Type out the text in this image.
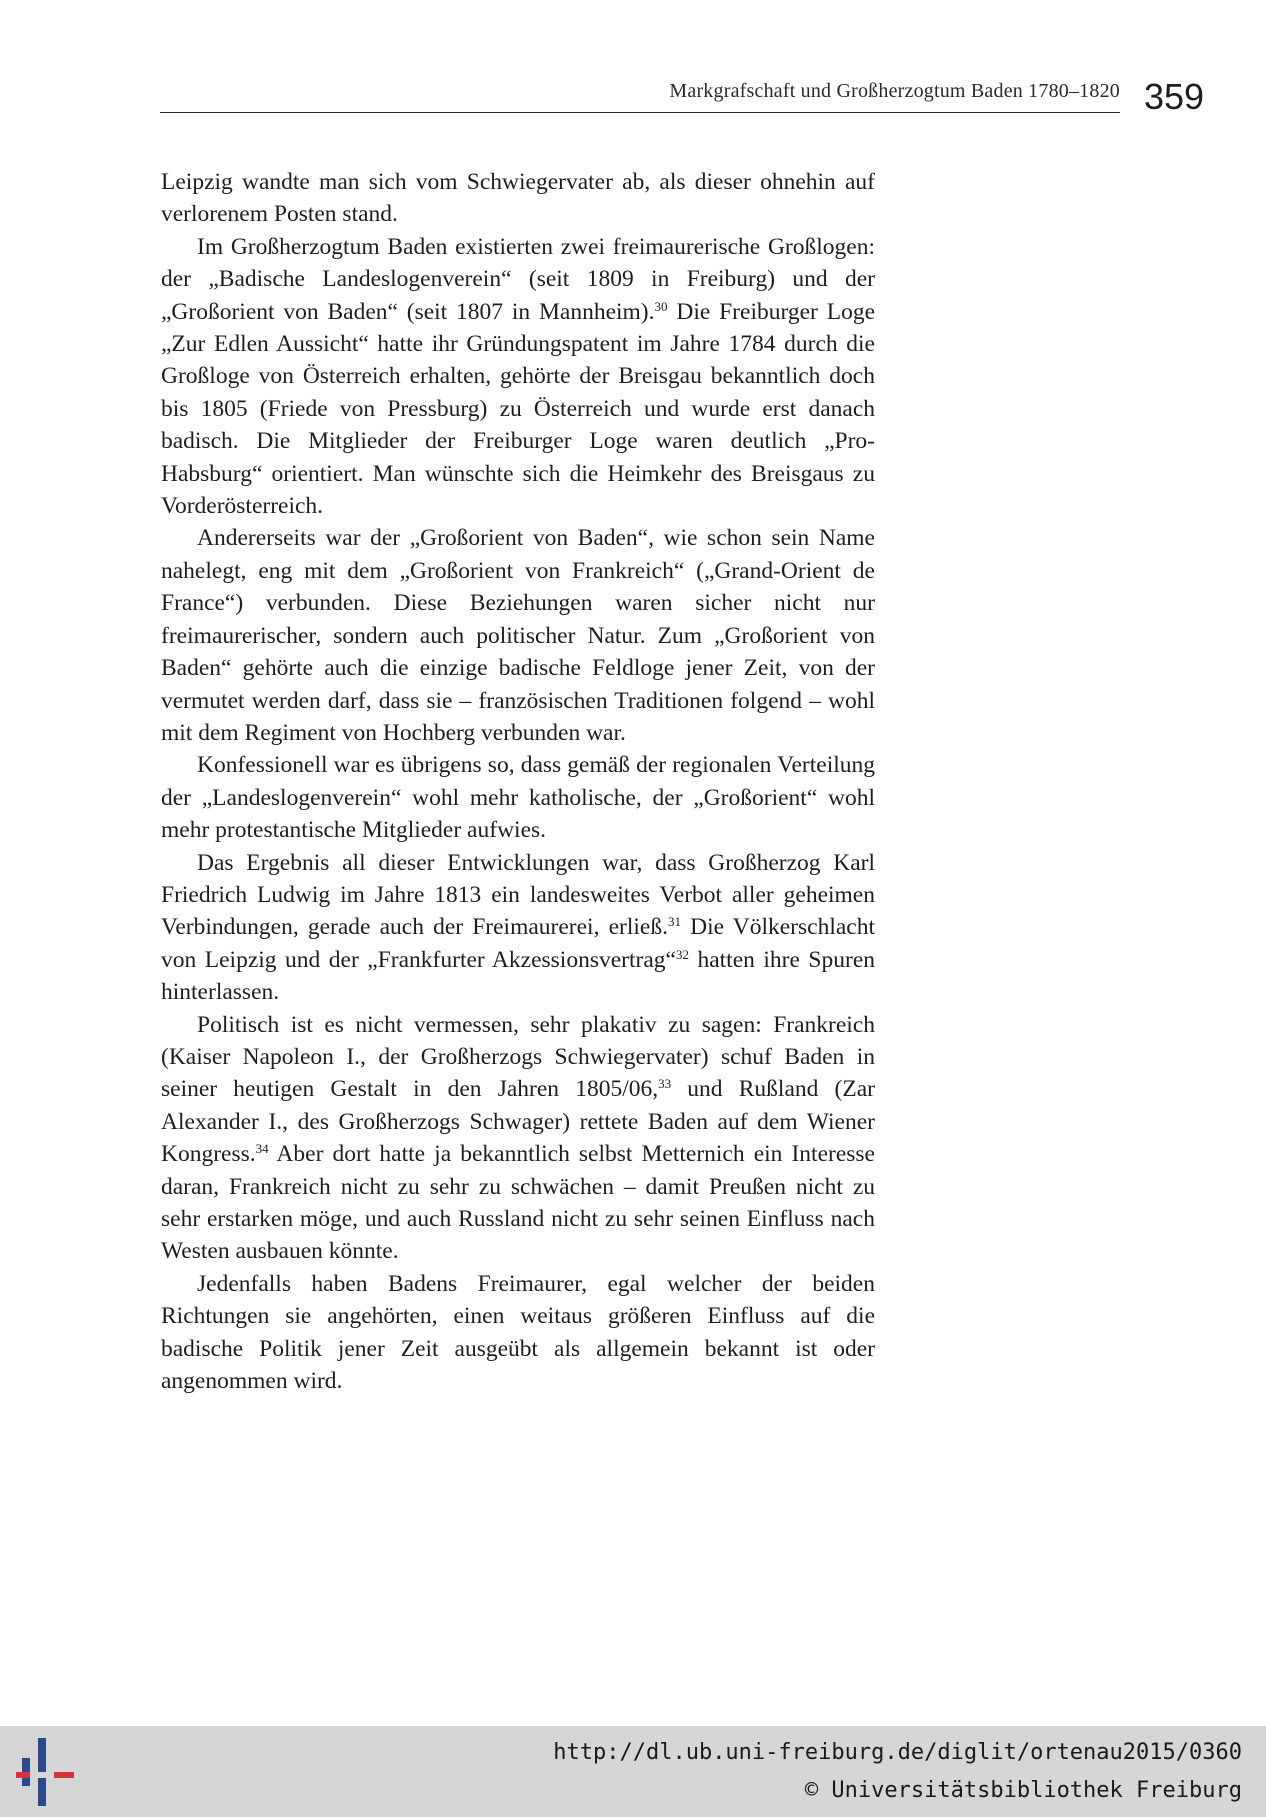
Markgrafschaft und Großherzogtum Baden 1780–1820 359

Leipzig wandte man sich vom Schwiegervater ab, als dieser ohnehin auf verlorenem Posten stand.

Im Großherzogtum Baden existierten zwei freimaurerische Großlogen: der „Badische Landeslogenverein“ (seit 1809 in Freiburg) und der „Großorient von Baden“ (seit 1807 in Mannheim).$^{30}$ Die Freiburger Loge „Zur Edlen Aussicht“ hatte ihr Gründungspatent im Jahre 1784 durch die Großloge von Österreich erhalten, gehörte der Breisgau bekanntlich doch bis 1805 (Friede von Pressburg) zu Österreich und wurde erst danach badisch. Die Mitglieder der Freiburger Loge waren deutlich „Pro-Habsburg“ orientiert. Man wünschte sich die Heimkehr des Breisgaus zu Vorderösterreich.

Andererseits war der „Großorient von Baden“, wie schon sein Name nahelegt, eng mit dem „Großorient von Frankreich“ („Grand-Orient de France“) verbunden. Diese Beziehungen waren sicher nicht nur freimaurerischer, sondern auch politischer Natur. Zum „Großorient von Baden“ gehörte auch die einzige badische Feldloge jener Zeit, von der vermutet werden darf, dass sie – französischen Traditionen folgend – wohl mit dem Regiment von Hochberg verbunden war.

Konfessionell war es übrigens so, dass gemäß der regionalen Verteilung der „Landeslogenverein“ wohl mehr katholische, der „Großorient“ wohl mehr protestantische Mitglieder aufwies.

Das Ergebnis all dieser Entwicklungen war, dass Großherzog Karl Friedrich Ludwig im Jahre 1813 ein landesweites Verbot aller geheimen Verbindungen, gerade auch der Freimaurerei, erließ.$^{31}$ Die Völkerschlacht von Leipzig und der „Frankfurter Akzessionsvertrag“$^{32}$ hatten ihre Spuren hinterlassen.

Politisch ist es nicht vermessen, sehr plakativ zu sagen: Frankreich (Kaiser Napoleon I., der Großherzogs Schwiegervater) schuf Baden in seiner heutigen Gestalt in den Jahren 1805/06,33 und Rußland (Zar Alexander I., des Großherzogs Schwager) rettete Baden auf dem Wiener Kongress.$^{34}$ Aber dort hatte ja bekanntlich selbst Metternich ein Interesse daran, Frankreich nicht zu sehr zu schwächen – damit Preußen nicht zu sehr erstarken möge, und auch Russland nicht zu sehr seinen Einfluss nach Westen ausbauen könnte.

Jedenfalls haben Badens Freimaurer, egal welcher der beiden Richtungen sie angehörten, einen weitaus größeren Einfluss auf die badische Politik jener Zeit ausgeübt als allgemein bekannt ist oder angenommen wird.

http://dl.ub.uni-freiburg.de/diglit/ortenau2015/0360
© Universitätsbibliothek Freiburg
